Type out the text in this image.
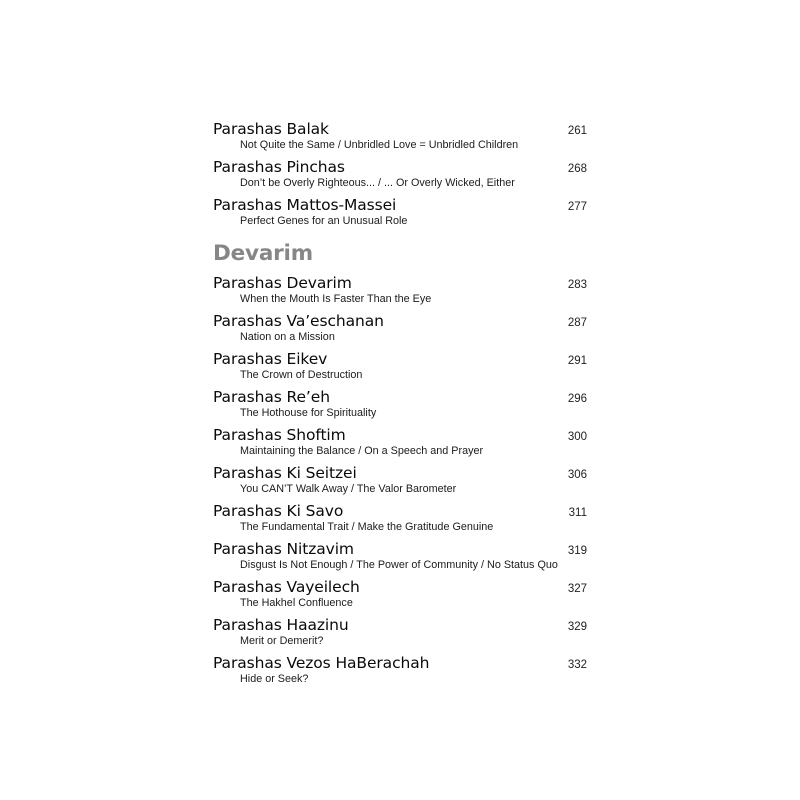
Parashas Balak	261
Not Quite the Same / Unbridled Love = Unbridled Children
Parashas Pinchas	268
Don’t be Overly Righteous... / ... Or Overly Wicked, Either
Parashas Mattos-Massei	277
Perfect Genes for an Unusual Role
Devarim
Parashas Devarim	283
When the Mouth Is Faster Than the Eye
Parashas Va’eschanan	287
Nation on a Mission
Parashas Eikev	291
The Crown of Destruction
Parashas Re’eh	296
The Hothouse for Spirituality
Parashas Shoftim	300
Maintaining the Balance / On a Speech and Prayer
Parashas Ki Seitzei	306
You CAN’T Walk Away / The Valor Barometer
Parashas Ki Savo	311
The Fundamental Trait / Make the Gratitude Genuine
Parashas Nitzavim	319
Disgust Is Not Enough / The Power of Community / No Status Quo
Parashas Vayeilech	327
The Hakhel Confluence
Parashas Haazinu	329
Merit or Demerit?
Parashas Vezos HaBerachah	332
Hide or Seek?
